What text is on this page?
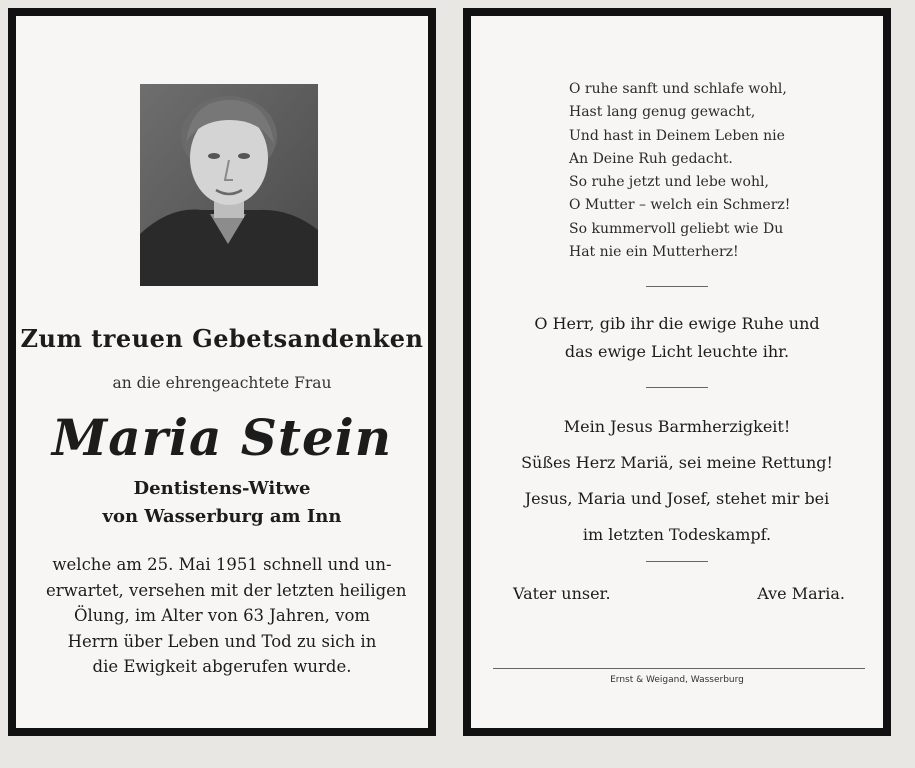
Zum treuen Gebetsandenken
an die ehrengeachtete Frau
Maria Stein
Dentistens-Witwe
von Wasserburg am Inn
welche am 25. Mai 1951 schnell und un-
erwartet, versehen mit der letzten heiligen
Ölung, im Alter von 63 Jahren, vom
Herrn über Leben und Tod zu sich in
die Ewigkeit abgerufen wurde.
O ruhe sanft und schlafe wohl,
Hast lang genug gewacht,
Und hast in Deinem Leben nie
An Deine Ruh gedacht.
So ruhe jetzt und lebe wohl,
O Mutter – welch ein Schmerz!
So kummervoll geliebt wie Du
Hat nie ein Mutterherz!
O Herr, gib ihr die ewige Ruhe und
das ewige Licht leuchte ihr.
Mein Jesus Barmherzigkeit!
Süßes Herz Mariä, sei meine Rettung!
Jesus, Maria und Josef, stehet mir bei
im letzten Todeskampf.
Vater unser.	Ave Maria.
Ernst & Weigand, Wasserburg
